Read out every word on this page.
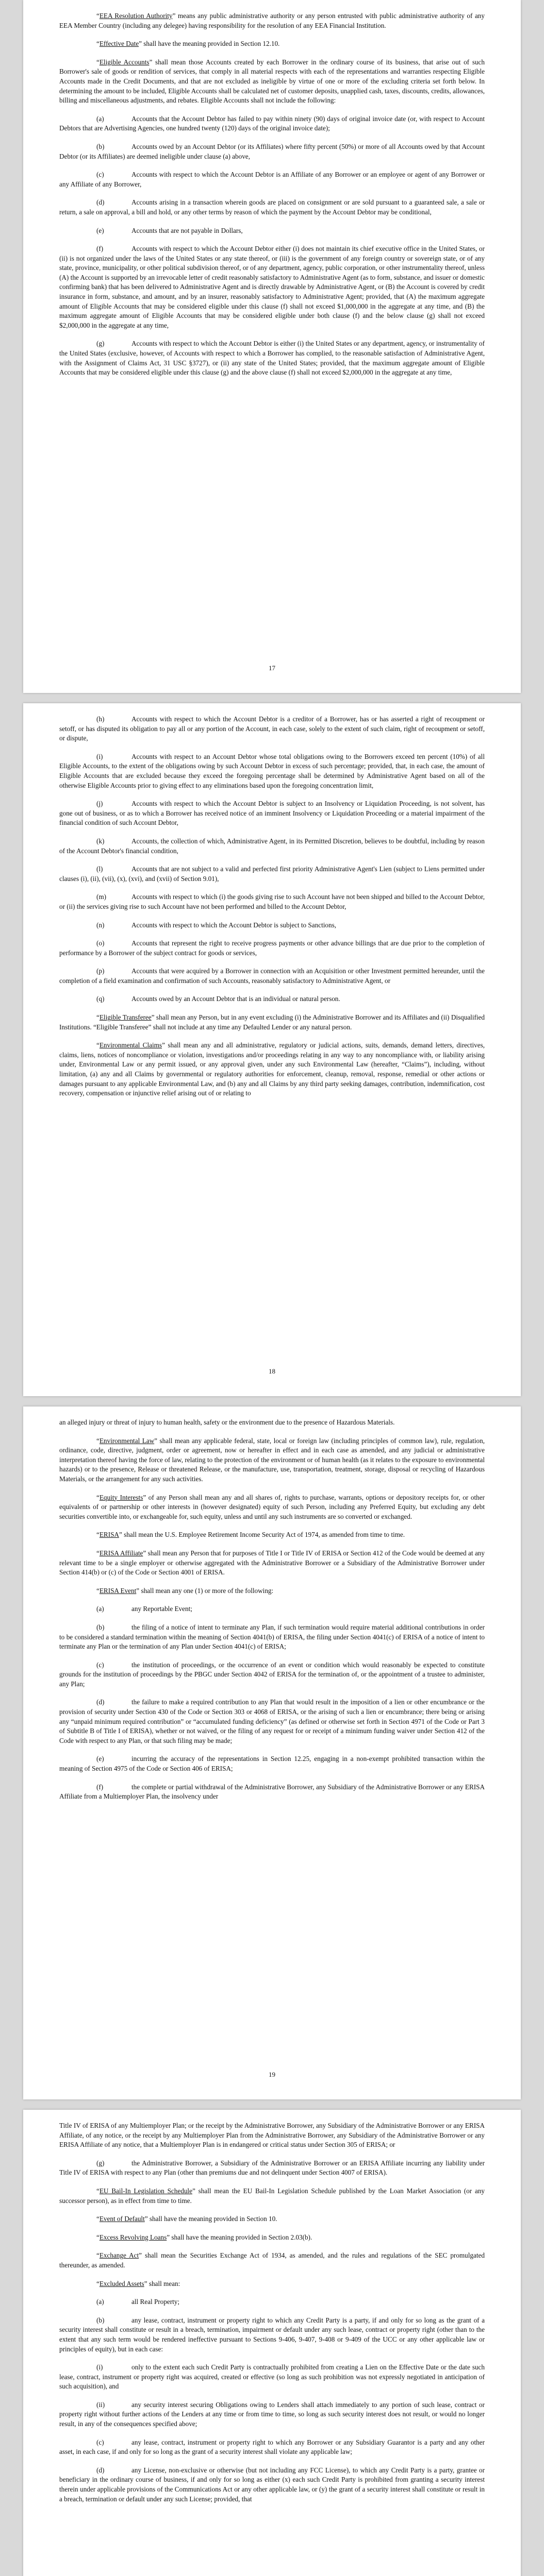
“EEA Resolution Authority” means any public administrative authority or any person entrusted with public administrative authority of any EEA Member Country (including any delegee) having responsibility for the resolution of any EEA Financial Institution.

“Effective Date” shall have the meaning provided in Section 12.10.

“Eligible Accounts” shall mean those Accounts created by each Borrower in the ordinary course of its business, that arise out of such Borrower's sale of goods or rendition of services, that comply in all material respects with each of the representations and warranties respecting Eligible Accounts made in the Credit Documents, and that are not excluded as ineligible by virtue of one or more of the excluding criteria set forth below. In determining the amount to be included, Eligible Accounts shall be calculated net of customer deposits, unapplied cash, taxes, discounts, credits, allowances, billing and miscellaneous adjustments, and rebates. Eligible Accounts shall not include the following:

(a)	Accounts that the Account Debtor has failed to pay within ninety (90) days of original invoice date (or, with respect to Account Debtors that are Advertising Agencies, one hundred twenty (120) days of the original invoice date);

(b)	Accounts owed by an Account Debtor (or its Affiliates) where fifty percent (50%) or more of all Accounts owed by that Account Debtor (or its Affiliates) are deemed ineligible under clause (a) above,

(c)	Accounts with respect to which the Account Debtor is an Affiliate of any Borrower or an employee or agent of any Borrower or any Affiliate of any Borrower,

(d)	Accounts arising in a transaction wherein goods are placed on consignment or are sold pursuant to a guaranteed sale, a sale or return, a sale on approval, a bill and hold, or any other terms by reason of which the payment by the Account Debtor may be conditional,

(e)	Accounts that are not payable in Dollars,

(f)	Accounts with respect to which the Account Debtor either (i) does not maintain its chief executive office in the United States, or (ii) is not organized under the laws of the United States or any state thereof, or (iii) is the government of any foreign country or sovereign state, or of any state, province, municipality, or other political subdivision thereof, or of any department, agency, public corporation, or other instrumentality thereof, unless (A) the Account is supported by an irrevocable letter of credit reasonably satisfactory to Administrative Agent (as to form, substance, and issuer or domestic confirming bank) that has been delivered to Administrative Agent and is directly drawable by Administrative Agent, or (B) the Account is covered by credit insurance in form, substance, and amount, and by an insurer, reasonably satisfactory to Administrative Agent; provided, that (A) the maximum aggregate amount of Eligible Accounts that may be considered eligible under this clause (f) shall not exceed $1,000,000 in the aggregate at any time, and (B) the maximum aggregate amount of Eligible Accounts that may be considered eligible under both clause (f) and the below clause (g) shall not exceed $2,000,000 in the aggregate at any time,

(g)	Accounts with respect to which the Account Debtor is either (i) the United States or any department, agency, or instrumentality of the United States (exclusive, however, of Accounts with respect to which a Borrower has complied, to the reasonable satisfaction of Administrative Agent, with the Assignment of Claims Act, 31 USC §3727), or (ii) any state of the United States; provided, that the maximum aggregate amount of Eligible Accounts that may be considered eligible under this clause (g) and the above clause (f) shall not exceed $2,000,000 in the aggregate at any time,

17

(h)	Accounts with respect to which the Account Debtor is a creditor of a Borrower, has or has asserted a right of recoupment or setoff, or has disputed its obligation to pay all or any portion of the Account, in each case, solely to the extent of such claim, right of recoupment or setoff, or dispute,

(i)	Accounts with respect to an Account Debtor whose total obligations owing to the Borrowers exceed ten percent (10%) of all Eligible Accounts, to the extent of the obligations owing by such Account Debtor in excess of such percentage; provided, that, in each case, the amount of Eligible Accounts that are excluded because they exceed the foregoing percentage shall be determined by Administrative Agent based on all of the otherwise Eligible Accounts prior to giving effect to any eliminations based upon the foregoing concentration limit,

(j)	Accounts with respect to which the Account Debtor is subject to an Insolvency or Liquidation Proceeding, is not solvent, has gone out of business, or as to which a Borrower has received notice of an imminent Insolvency or Liquidation Proceeding or a material impairment of the financial condition of such Account Debtor,

(k)	Accounts, the collection of which, Administrative Agent, in its Permitted Discretion, believes to be doubtful, including by reason of the Account Debtor's financial condition,

(l)	Accounts that are not subject to a valid and perfected first priority Administrative Agent's Lien (subject to Liens permitted under clauses (i), (ii), (vii), (x), (xvi), and (xvii) of Section 9.01),

(m)	Accounts with respect to which (i) the goods giving rise to such Account have not been shipped and billed to the Account Debtor, or (ii) the services giving rise to such Account have not been performed and billed to the Account Debtor,

(n)	Accounts with respect to which the Account Debtor is subject to Sanctions,

(o)	Accounts that represent the right to receive progress payments or other advance billings that are due prior to the completion of performance by a Borrower of the subject contract for goods or services,

(p)	Accounts that were acquired by a Borrower in connection with an Acquisition or other Investment permitted hereunder, until the completion of a field examination and confirmation of such Accounts, reasonably satisfactory to Administrative Agent, or

(q)	Accounts owed by an Account Debtor that is an individual or natural person.

“Eligible Transferee” shall mean any Person, but in any event excluding (i) the Administrative Borrower and its Affiliates and (ii) Disqualified Institutions. “Eligible Transferee” shall not include at any time any Defaulted Lender or any natural person.

“Environmental Claims” shall mean any and all administrative, regulatory or judicial actions, suits, demands, demand letters, directives, claims, liens, notices of noncompliance or violation, investigations and/or proceedings relating in any way to any noncompliance with, or liability arising under, Environmental Law or any permit issued, or any approval given, under any such Environmental Law (hereafter, “Claims”), including, without limitation, (a) any and all Claims by governmental or regulatory authorities for enforcement, cleanup, removal, response, remedial or other actions or damages pursuant to any applicable Environmental Law, and (b) any and all Claims by any third party seeking damages, contribution, indemnification, cost recovery, compensation or injunctive relief arising out of or relating to

18

an alleged injury or threat of injury to human health, safety or the environment due to the presence of Hazardous Materials.

“Environmental Law” shall mean any applicable federal, state, local or foreign law (including principles of common law), rule, regulation, ordinance, code, directive, judgment, order or agreement, now or hereafter in effect and in each case as amended, and any judicial or administrative interpretation thereof having the force of law, relating to the protection of the environment or of human health (as it relates to the exposure to environmental hazards) or to the presence, Release or threatened Release, or the manufacture, use, transportation, treatment, storage, disposal or recycling of Hazardous Materials, or the arrangement for any such activities.

“Equity Interests” of any Person shall mean any and all shares of, rights to purchase, warrants, options or depository receipts for, or other equivalents of or partnership or other interests in (however designated) equity of such Person, including any Preferred Equity, but excluding any debt securities convertible into, or exchangeable for, such equity, unless and until any such instruments are so converted or exchanged.

“ERISA” shall mean the U.S. Employee Retirement Income Security Act of 1974, as amended from time to time.

“ERISA Affiliate” shall mean any Person that for purposes of Title I or Title IV of ERISA or Section 412 of the Code would be deemed at any relevant time to be a single employer or otherwise aggregated with the Administrative Borrower or a Subsidiary of the Administrative Borrower under Section 414(b) or (c) of the Code or Section 4001 of ERISA.

“ERISA Event” shall mean any one (1) or more of the following:

(a)	any Reportable Event;

(b)	the filing of a notice of intent to terminate any Plan, if such termination would require material additional contributions in order to be considered a standard termination within the meaning of Section 4041(b) of ERISA, the filing under Section 4041(c) of ERISA of a notice of intent to terminate any Plan or the termination of any Plan under Section 4041(c) of ERISA;

(c)	the institution of proceedings, or the occurrence of an event or condition which would reasonably be expected to constitute grounds for the institution of proceedings by the PBGC under Section 4042 of ERISA for the termination of, or the appointment of a trustee to administer, any Plan;

(d)	the failure to make a required contribution to any Plan that would result in the imposition of a lien or other encumbrance or the provision of security under Section 430 of the Code or Section 303 or 4068 of ERISA, or the arising of such a lien or encumbrance; there being or arising any “unpaid minimum required contribution” or “accumulated funding deficiency” (as defined or otherwise set forth in Section 4971 of the Code or Part 3 of Subtitle B of Title I of ERISA), whether or not waived, or the filing of any request for or receipt of a minimum funding waiver under Section 412 of the Code with respect to any Plan, or that such filing may be made;

(e)	incurring the accuracy of the representations in Section 12.25, engaging in a non-exempt prohibited transaction within the meaning of Section 4975 of the Code or Section 406 of ERISA;

(f)	the complete or partial withdrawal of the Administrative Borrower, any Subsidiary of the Administrative Borrower or any ERISA Affiliate from a Multiemployer Plan, the insolvency under

19

Title IV of ERISA of any Multiemployer Plan; or the receipt by the Administrative Borrower, any Subsidiary of the Administrative Borrower or any ERISA Affiliate, of any notice, or the receipt by any Multiemployer Plan from the Administrative Borrower, any Subsidiary of the Administrative Borrower or any ERISA Affiliate of any notice, that a Multiemployer Plan is in endangered or critical status under Section 305 of ERISA; or

(g)	the Administrative Borrower, a Subsidiary of the Administrative Borrower or an ERISA Affiliate incurring any liability under Title IV of ERISA with respect to any Plan (other than premiums due and not delinquent under Section 4007 of ERISA).

“EU Bail-In Legislation Schedule” shall mean the EU Bail-In Legislation Schedule published by the Loan Market Association (or any successor person), as in effect from time to time.

“Event of Default” shall have the meaning provided in Section 10.

“Excess Revolving Loans” shall have the meaning provided in Section 2.03(b).

“Exchange Act” shall mean the Securities Exchange Act of 1934, as amended, and the rules and regulations of the SEC promulgated thereunder, as amended.

“Excluded Assets” shall mean:

(a)	all Real Property;

(b)	any lease, contract, instrument or property right to which any Credit Party is a party, if and only for so long as the grant of a security interest shall constitute or result in a breach, termination, impairment or default under any such lease, contract or property right (other than to the extent that any such term would be rendered ineffective pursuant to Sections 9-406, 9-407, 9-408 or 9-409 of the UCC or any other applicable law or principles of equity), but in each case:

(i)	only to the extent each such Credit Party is contractually prohibited from creating a Lien on the Effective Date or the date such lease, contract, instrument or property right was acquired, created or effective (so long as such prohibition was not expressly negotiated in anticipation of such acquisition), and

(ii)	any security interest securing Obligations owing to Lenders shall attach immediately to any portion of such lease, contract or property right without further actions of the Lenders at any time or from time to time, so long as such security interest does not result, or would no longer result, in any of the consequences specified above;

(c)	any lease, contract, instrument or property right to which any Borrower or any Subsidiary Guarantor is a party and any other asset, in each case, if and only for so long as the grant of a security interest shall violate any applicable law;

(d)	any License, non-exclusive or otherwise (but not including any FCC License), to which any Credit Party is a party, grantee or beneficiary in the ordinary course of business, if and only for so long as either (x) each such Credit Party is prohibited from granting a security interest therein under applicable provisions of the Communications Act or any other applicable law, or (y) the grant of a security interest shall constitute or result in a breach, termination or default under any such License; provided, that
